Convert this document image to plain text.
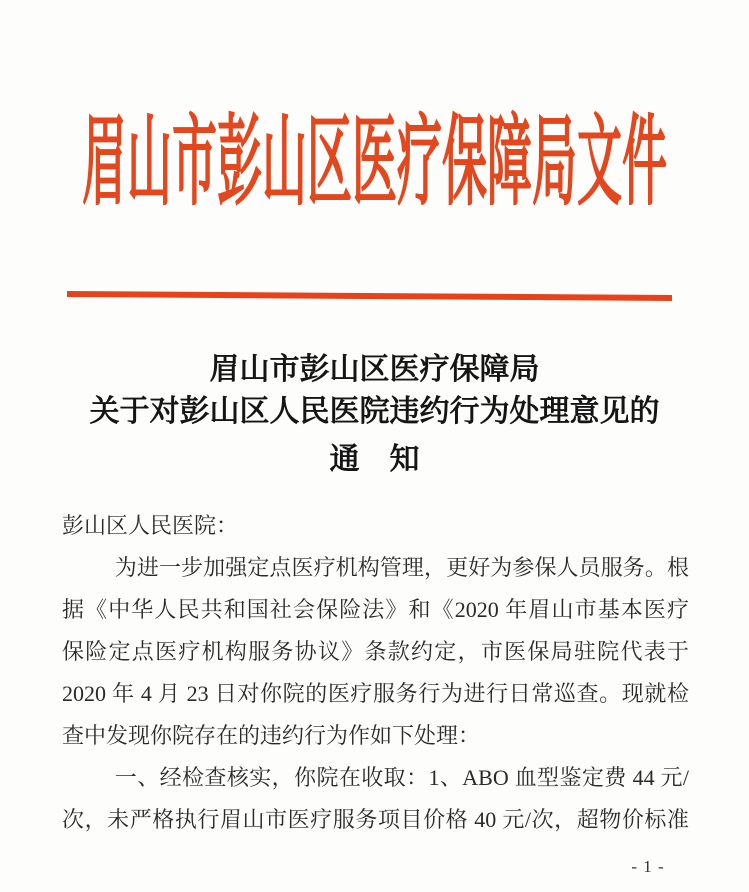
眉山市彭山区医疗保障局文件
眉山市彭山区医疗保障局
关于对彭山区人民医院违约行为处理意见的
通　知
彭山区人民医院：
为进一步加强定点医疗机构管理，更好为参保人员服务。根
据《中华人民共和国社会保险法》和《2020 年眉山市基本医疗
保险定点医疗机构服务协议》条款约定，市医保局驻院代表于
2020 年 4 月 23 日对你院的医疗服务行为进行日常巡查。现就检
查中发现你院存在的违约行为作如下处理：
一、经检查核实，你院在收取：1、ABO 血型鉴定费 44 元/
次，未严格执行眉山市医疗服务项目价格 40 元/次，超物价标准
- 1 -
